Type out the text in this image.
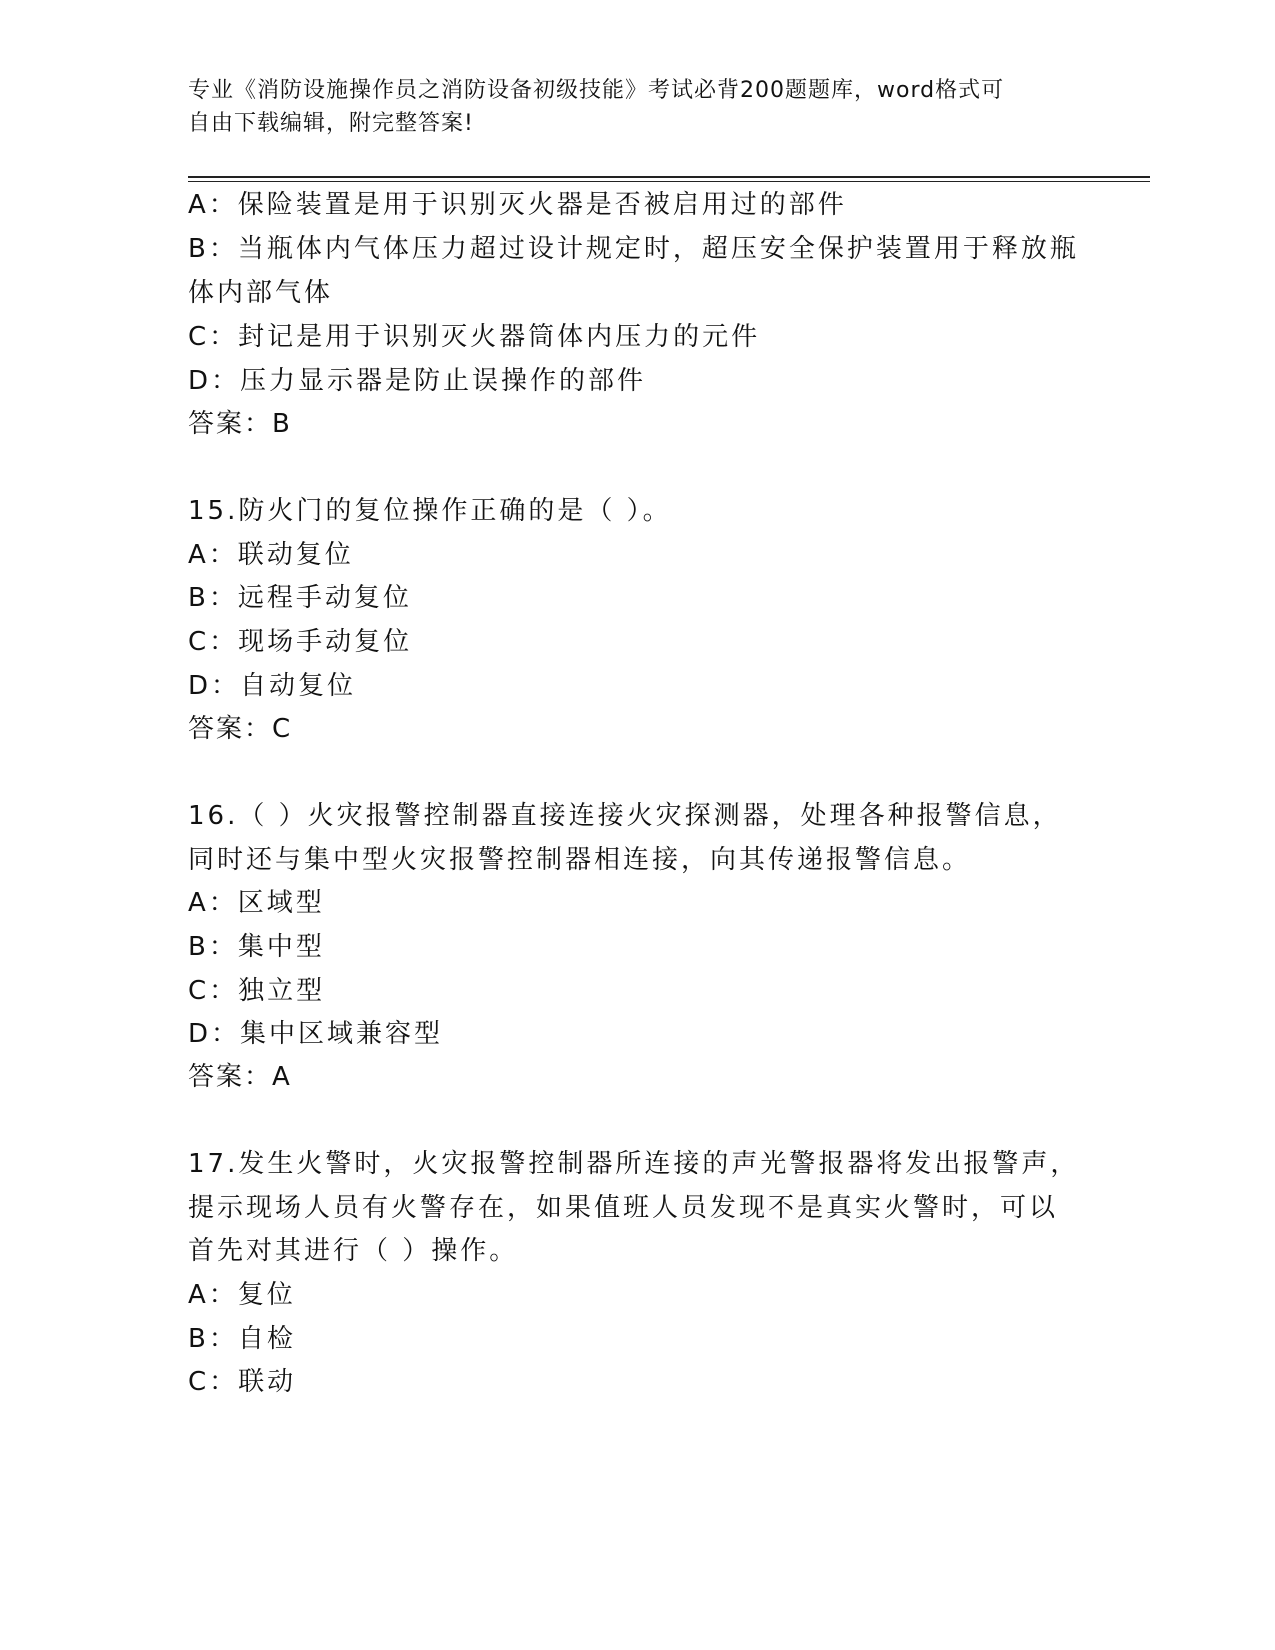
专业《消防设施操作员之消防设备初级技能》考试必背200题题库，word格式可
自由下载编辑，附完整答案!
A：保险装置是用于识别灭火器是否被启用过的部件
B：当瓶体内气体压力超过设计规定时，超压安全保护装置用于释放瓶
体内部气体
C：封记是用于识别灭火器筒体内压力的元件
D：压力显示器是防止误操作的部件
答案：B
15.防火门的复位操作正确的是（ ）。
A：联动复位
B：远程手动复位
C：现场手动复位
D：自动复位
答案：C
16.（ ）火灾报警控制器直接连接火灾探测器，处理各种报警信息，
同时还与集中型火灾报警控制器相连接，向其传递报警信息。
A：区域型
B：集中型
C：独立型
D：集中区域兼容型
答案：A
17.发生火警时，火灾报警控制器所连接的声光警报器将发出报警声，
提示现场人员有火警存在，如果值班人员发现不是真实火警时，可以
首先对其进行（ ）操作。
A：复位
B：自检
C：联动
